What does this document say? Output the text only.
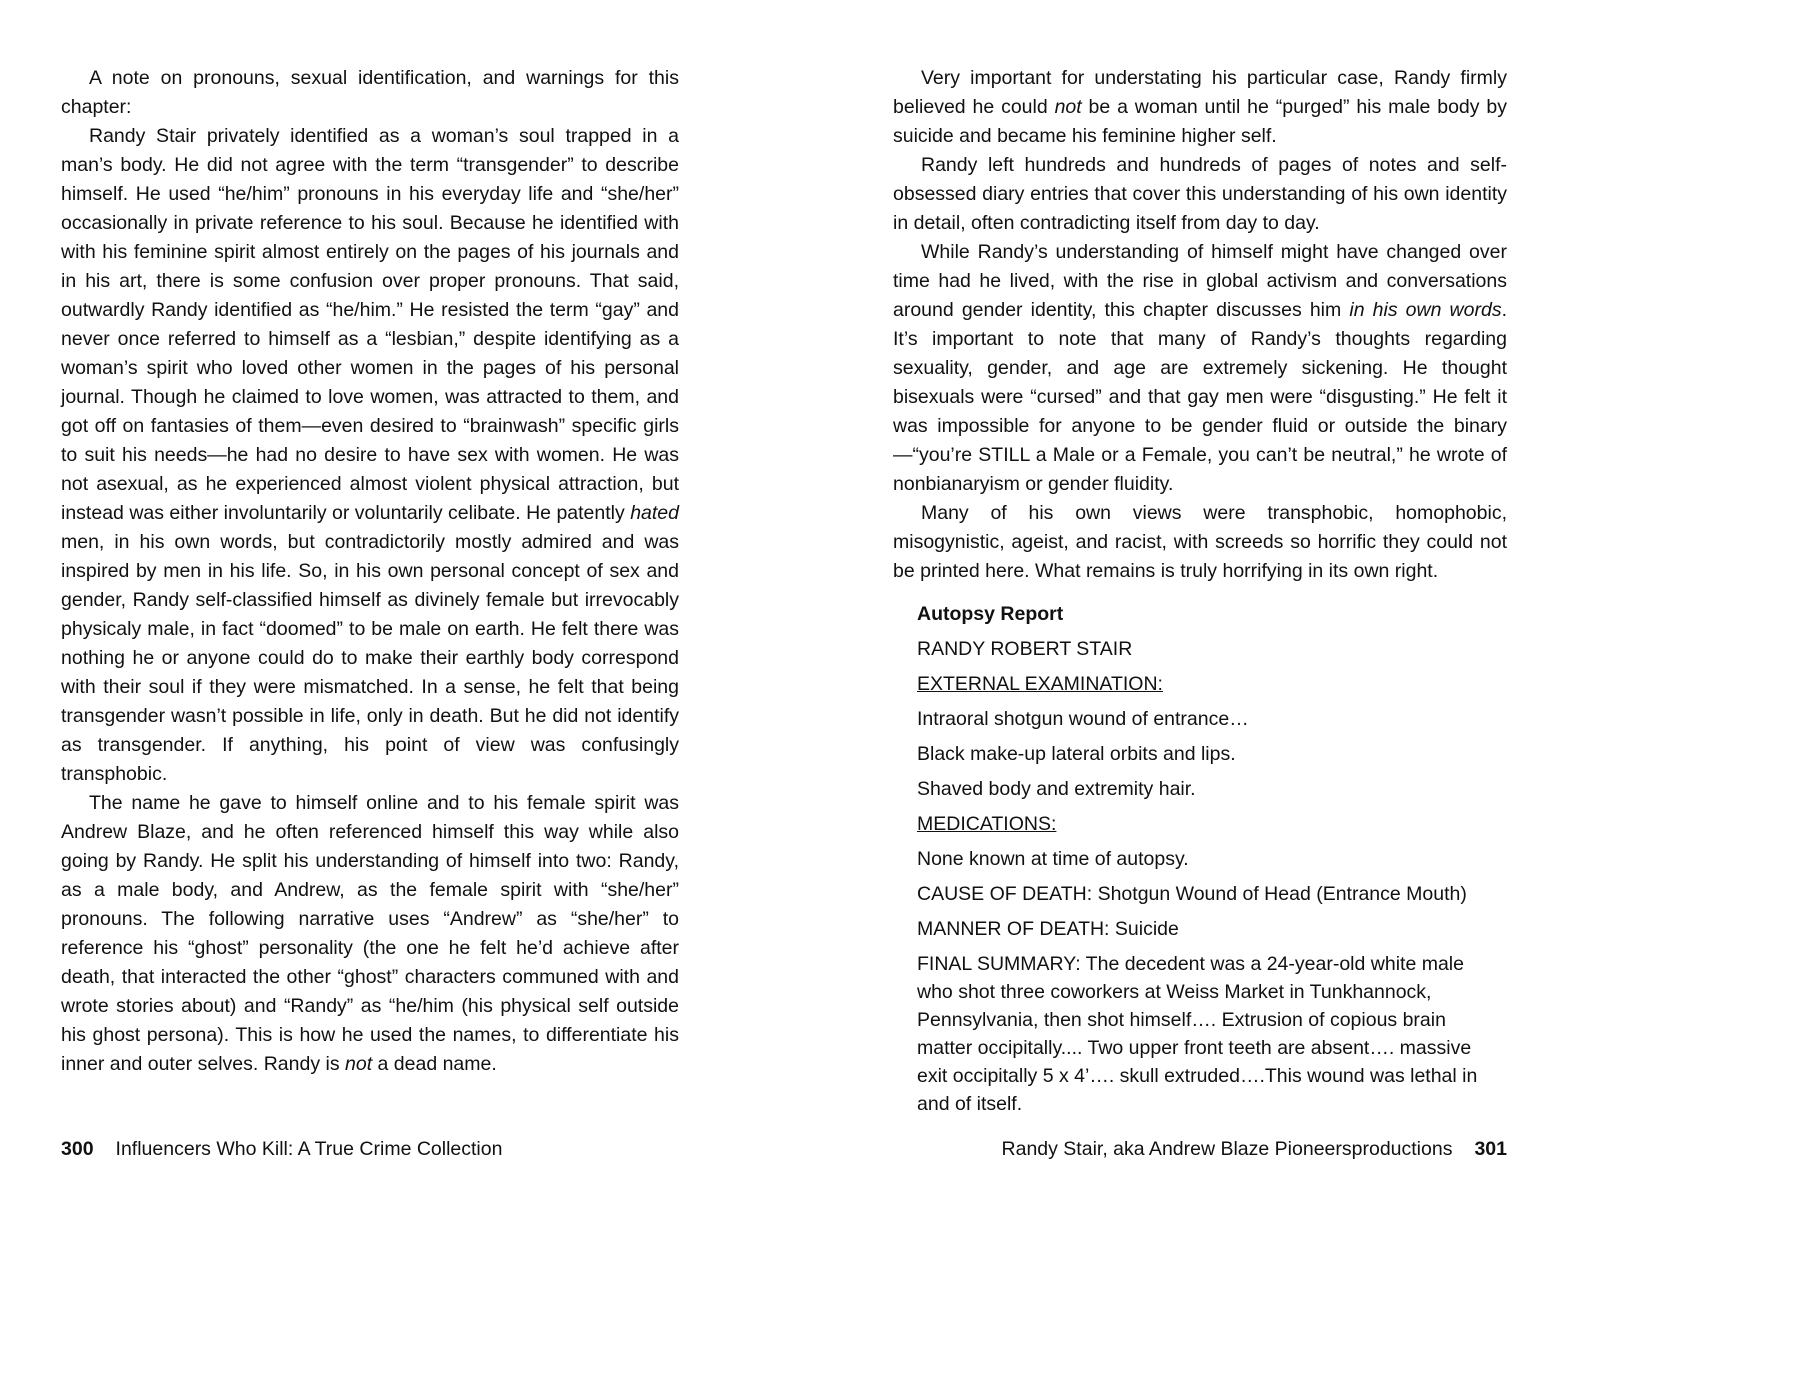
A note on pronouns, sexual identification, and warnings for this chapter:

Randy Stair privately identified as a woman’s soul trapped in a man’s body. He did not agree with the term “transgender” to describe himself. He used “he/him” pronouns in his everyday life and “she/her” occasionally in private reference to his soul. Because he identified with with his feminine spirit almost entirely on the pages of his journals and in his art, there is some confusion over proper pronouns. That said, outwardly Randy identified as “he/him.” He resisted the term “gay” and never once referred to himself as a “lesbian,” despite identifying as a woman’s spirit who loved other women in the pages of his personal journal. Though he claimed to love women, was attracted to them, and got off on fantasies of them—even desired to “brainwash” specific girls to suit his needs—he had no desire to have sex with women. He was not asexual, as he experienced almost violent physical attraction, but instead was either involuntarily or voluntarily celibate. He patently hated men, in his own words, but contradictorily mostly admired and was inspired by men in his life. So, in his own personal concept of sex and gender, Randy self-classified himself as divinely female but irrevocably physicaly male, in fact “doomed” to be male on earth. He felt there was nothing he or anyone could do to make their earthly body correspond with their soul if they were mismatched. In a sense, he felt that being transgender wasn’t possible in life, only in death. But he did not identify as transgender. If anything, his point of view was confusingly transphobic.

The name he gave to himself online and to his female spirit was Andrew Blaze, and he often referenced himself this way while also going by Randy. He split his understanding of himself into two: Randy, as a male body, and Andrew, as the female spirit with “she/her” pronouns. The following narrative uses “Andrew” as “she/her” to reference his “ghost” personality (the one he felt he’d achieve after death, that interacted the other “ghost” characters communed with and wrote stories about) and “Randy” as “he/him (his physical self outside his ghost persona). This is how he used the names, to differentiate his inner and outer selves. Randy is not a dead name.

Very important for understating his particular case, Randy firmly believed he could not be a woman until he “purged” his male body by suicide and became his feminine higher self.

Randy left hundreds and hundreds of pages of notes and self-obsessed diary entries that cover this understanding of his own identity in detail, often contradicting itself from day to day.

While Randy’s understanding of himself might have changed over time had he lived, with the rise in global activism and conversations around gender identity, this chapter discusses him in his own words. It’s important to note that many of Randy’s thoughts regarding sexuality, gender, and age are extremely sickening. He thought bisexuals were “cursed” and that gay men were “disgusting.” He felt it was impossible for anyone to be gender fluid or outside the binary—“you’re STILL a Male or a Female, you can’t be neutral,” he wrote of nonbianaryism or gender fluidity.

Many of his own views were transphobic, homophobic, misogynistic, ageist, and racist, with screeds so horrific they could not be printed here. What remains is truly horrifying in its own right.

Autopsy Report
RANDY ROBERT STAIR
EXTERNAL EXAMINATION:
Intraoral shotgun wound of entrance…
Black make-up lateral orbits and lips.
Shaved body and extremity hair.
MEDICATIONS:
None known at time of autopsy.
CAUSE OF DEATH: Shotgun Wound of Head (Entrance Mouth)
MANNER OF DEATH: Suicide
FINAL SUMMARY: The decedent was a 24-year-old white male who shot three coworkers at Weiss Market in Tunkhannock, Pennsylvania, then shot himself…. Extrusion of copious brain matter occipitally.... Two upper front teeth are absent…. massive exit occipitally 5 x 4’…. skull extruded….This wound was lethal in and of itself.
300 Influencers Who Kill: A True Crime Collection	Randy Stair, aka Andrew Blaze Pioneersproductions 301
